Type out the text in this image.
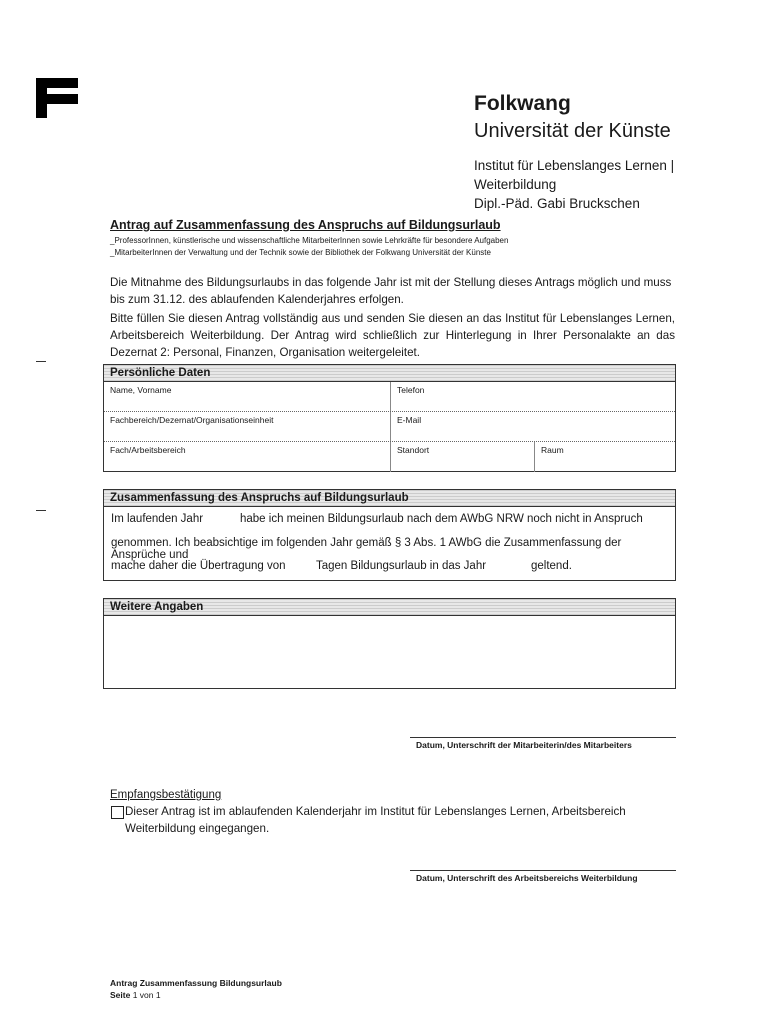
Folkwang
Universität der Künste
Institut für Lebenslanges Lernen |
Weiterbildung
Dipl.-Päd. Gabi Bruckschen
Antrag auf Zusammenfassung des Anspruchs auf Bildungsurlaub
_ProfessorInnen, künstlerische und wissenschaftliche MitarbeiterInnen sowie Lehrkräfte für besondere Aufgaben
_MitarbeiterInnen der Verwaltung und der Technik sowie der Bibliothek der Folkwang Universität der Künste
Die Mitnahme des Bildungsurlaubs in das folgende Jahr ist mit der Stellung dieses Antrags möglich und muss bis zum 31.12. des ablaufenden Kalenderjahres erfolgen.
Bitte füllen Sie diesen Antrag vollständig aus und senden Sie diesen an das Institut für Lebenslanges Lernen, Arbeitsbereich Weiterbildung. Der Antrag wird schließlich zur Hinterlegung in Ihrer Personalakte an das Dezernat 2: Personal, Finanzen, Organisation weitergeleitet.
Persönliche Daten
Name, Vorname	Telefon
Fachbereich/Dezernat/Organisationseinheit	E-Mail
Fach/Arbeitsbereich	Standort	Raum
Zusammenfassung des Anspruchs auf Bildungsurlaub
Im laufenden Jahr	habe ich meinen Bildungsurlaub nach dem AWbG NRW noch nicht in Anspruch
genommen. Ich beabsichtige im folgenden Jahr gemäß § 3 Abs. 1 AWbG die Zusammenfassung der Ansprüche und
mache daher die Übertragung von	Tagen Bildungsurlaub in das Jahr	geltend.
Weitere Angaben
Datum, Unterschrift der Mitarbeiterin/des Mitarbeiters
Empfangsbestätigung
Dieser Antrag ist im ablaufenden Kalenderjahr im Institut für Lebenslanges Lernen, Arbeitsbereich Weiterbildung eingegangen.
Datum, Unterschrift des Arbeitsbereichs Weiterbildung
Antrag Zusammenfassung Bildungsurlaub
Seite 1 von 1
